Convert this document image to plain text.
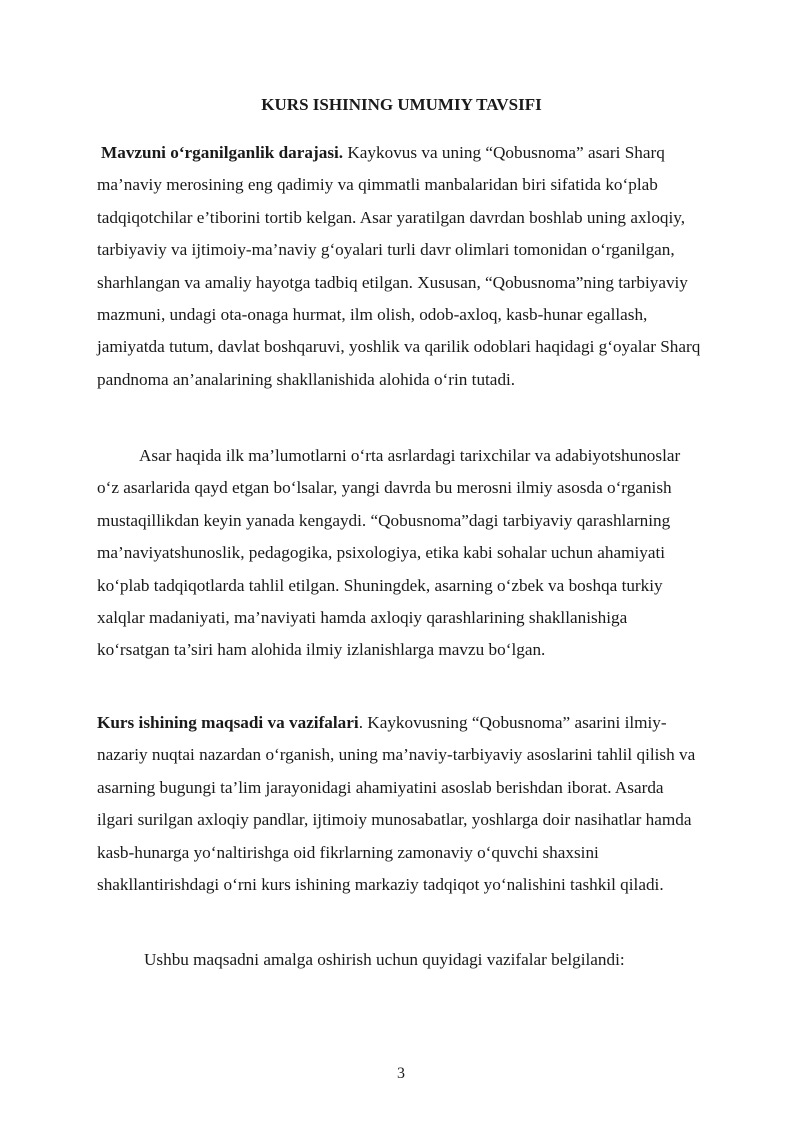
KURS ISHINING UMUMIY TAVSIFI

Mavzuni o‘rganilganlik darajasi. Kaykovus va uning “Qobusnoma” asari Sharq ma’naviy merosining eng qadimiy va qimmatli manbalaridan biri sifatida ko‘plab tadqiqotchilar e’tiborini tortib kelgan. Asar yaratilgan davrdan boshlab uning axloqiy, tarbiyaviy va ijtimoiy-ma’naviy g‘oyalari turli davr olimlari tomonidan o‘rganilgan, sharhlangan va amaliy hayotga tadbiq etilgan. Xususan, “Qobusnoma”ning tarbiyaviy mazmuni, undagi ota-onaga hurmat, ilm olish, odob-axloq, kasb-hunar egallash, jamiyatda tutum, davlat boshqaruvi, yoshlik va qarilik odoblari haqidagi g‘oyalar Sharq pandnoma an’analarining shakllanishida alohida o‘rin tutadi.

Asar haqida ilk ma’lumotlarni o‘rta asrlardagi tarixchilar va adabiyotshunoslar o‘z asarlarida qayd etgan bo‘lsalar, yangi davrda bu merosni ilmiy asosda o‘rganish mustaqillikdan keyin yanada kengaydi. “Qobusnoma”dagi tarbiyaviy qarashlarning ma’naviyatshunoslik, pedagogika, psixologiya, etika kabi sohalar uchun ahamiyati ko‘plab tadqiqotlarda tahlil etilgan. Shuningdek, asarning o‘zbek va boshqa turkiy xalqlar madaniyati, ma’naviyati hamda axloqiy qarashlarining shakllanishiga ko‘rsatgan ta’siri ham alohida ilmiy izlanishlarga mavzu bo‘lgan.

Kurs ishining maqsadi va vazifalari. Kaykovusning “Qobusnoma” asarini ilmiy-nazariy nuqtai nazardan o‘rganish, uning ma’naviy-tarbiyaviy asoslarini tahlil qilish va asarning bugungi ta’lim jarayonidagi ahamiyatini asoslab berishdan iborat. Asarda ilgari surilgan axloqiy pandlar, ijtimoiy munosabatlar, yoshlarga doir nasihatlar hamda kasb-hunarga yo‘naltirishga oid fikrlarning zamonaviy o‘quvchi shaxsini shakllantirishdagi o‘rni kurs ishining markaziy tadqiqot yo‘nalishini tashkil qiladi.

Ushbu maqsadni amalga oshirish uchun quyidagi vazifalar belgilandi:

3
